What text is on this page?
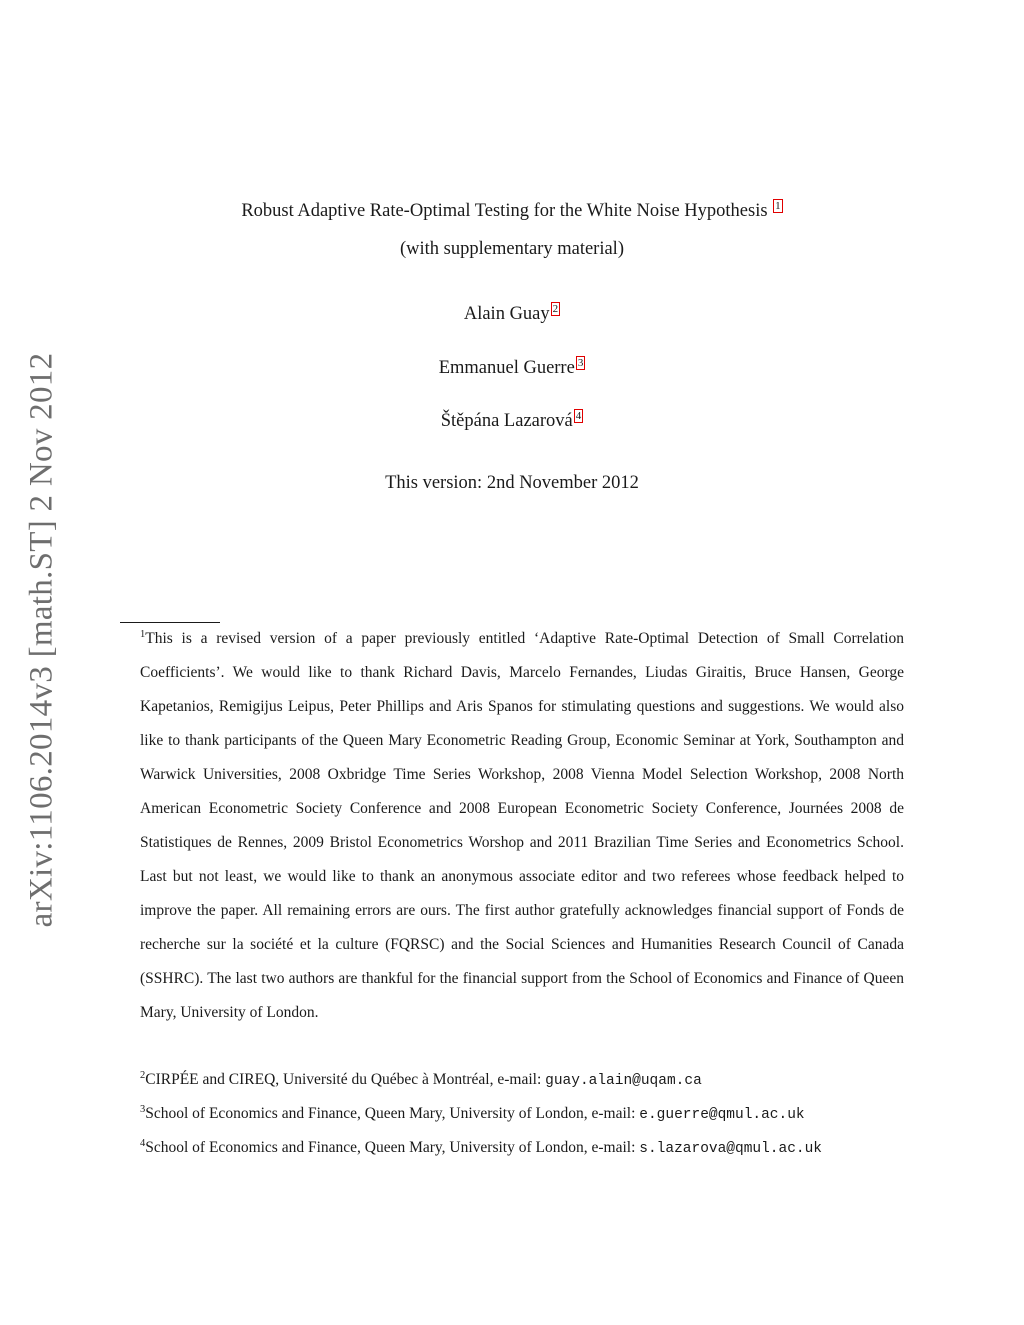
arXiv:1106.2014v3 [math.ST] 2 Nov 2012
Robust Adaptive Rate-Optimal Testing for the White Noise Hypothesis 1
(with supplementary material)
Alain Guay 2
Emmanuel Guerre 3
Štěpána Lazarová 4
This version: 2nd November 2012

$^1$This is a revised version of a paper previously entitled ‘Adaptive Rate-Optimal Detection of Small Correlation Coefficients’. We would like to thank Richard Davis, Marcelo Fernandes, Liudas Giraitis, Bruce Hansen, George Kapetanios, Remigijus Leipus, Peter Phillips and Aris Spanos for stimulating questions and suggestions. We would also like to thank participants of the Queen Mary Econometric Reading Group, Economic Seminar at York, Southampton and Warwick Universities, 2008 Oxbridge Time Series Workshop, 2008 Vienna Model Selection Workshop, 2008 North American Econometric Society Conference and 2008 European Econometric Society Conference, Journées 2008 de Statistiques de Rennes, 2009 Bristol Econometrics Worshop and 2011 Brazilian Time Series and Econometrics School. Last but not least, we would like to thank an anonymous associate editor and two referees whose feedback helped to improve the paper. All remaining errors are ours. The first author gratefully acknowledges financial support of Fonds de recherche sur la société et la culture (FQRSC) and the Social Sciences and Humanities Research Council of Canada (SSHRC). The last two authors are thankful for the financial support from the School of Economics and Finance of Queen Mary, University of London.

$^2$CIRPÉE and CIREQ, Université du Québec à Montréal, e-mail: guay.alain@uqam.ca
$^3$School of Economics and Finance, Queen Mary, University of London, e-mail: e.guerre@qmul.ac.uk
$^4$School of Economics and Finance, Queen Mary, University of London, e-mail: s.lazarova@qmul.ac.uk
